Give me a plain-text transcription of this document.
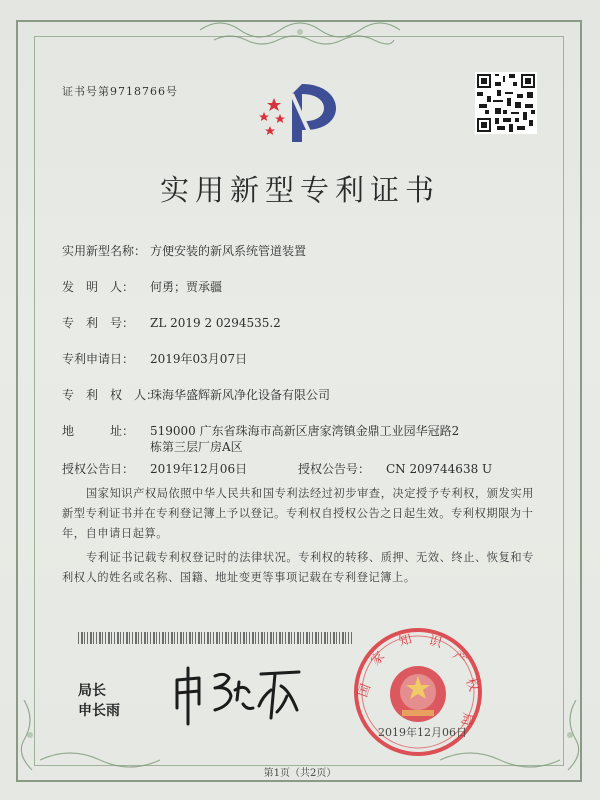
证书号第9718766号
实用新型专利证书
实用新型名称： 方便安装的新风系统管道装置
发　明　人： 何勇；贾承疆
专　利　号： ZL 2019 2 0294535.2
专利申请日： 2019年03月07日
专　利　权　人：珠海华盛辉新风净化设备有限公司
地　　　址： 519000 广东省珠海市高新区唐家湾镇金鼎工业园华冠路2
栋第三层厂房A区
授权公告日： 2019年12月06日	授权公告号： CN 209744638 U
国家知识产权局依照中华人民共和国专利法经过初步审查，决定授予专利权，颁发实用新型专利证书并在专利登记簿上予以登记。专利权自授权公告之日起生效。专利权期限为十年，自申请日起算。
专利证书记载专利权登记时的法律状况。专利权的转移、质押、无效、终止、恢复和专利权人的姓名或名称、国籍、地址变更等事项记载在专利登记簿上。
局长
申长雨
国
家
知 识
产
权
局
2019年12月06日
第1页（共2页）
